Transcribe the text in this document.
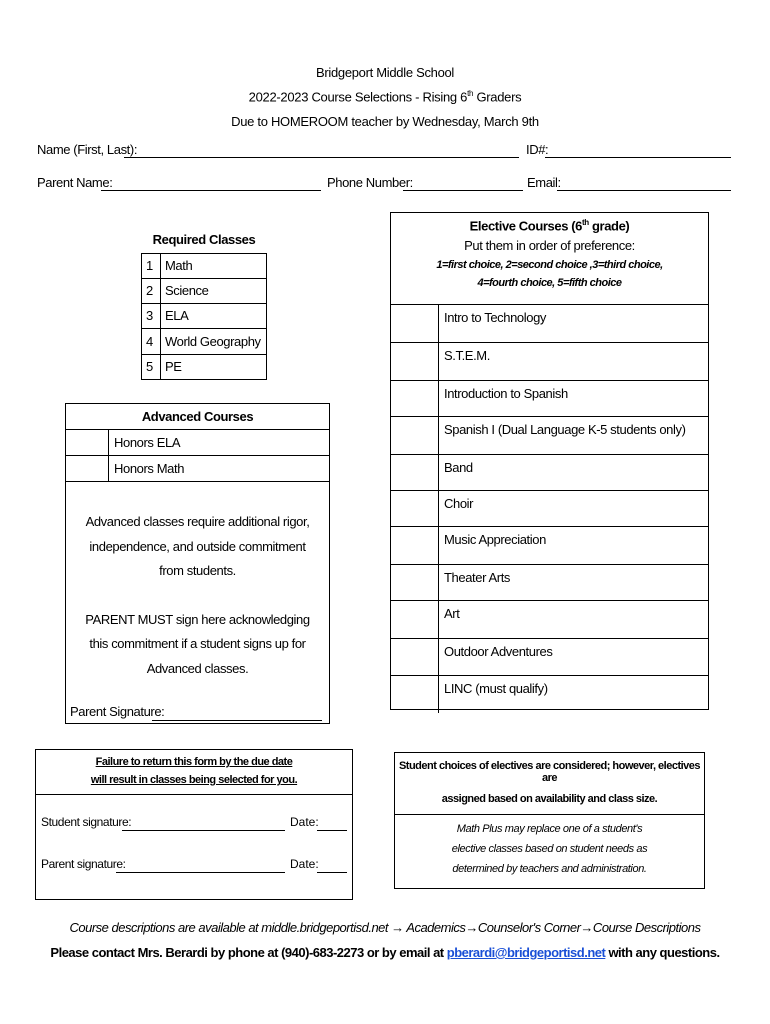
Bridgeport Middle School
2022-2023 Course Selections - Rising 6th Graders
Due to HOMEROOM teacher by Wednesday, March 9th
Name (First, Last):	ID#:
Parent Name:	Phone Number:	Email:
Required Classes	
1	Math
2	Science
3	ELA
4	World Geography
5	PE
Advanced Courses
Honors ELA
Honors Math
Advanced classes require additional rigor, independence, and outside commitment from students.
PARENT MUST sign here acknowledging this commitment if a student signs up for Advanced classes.
Parent Signature:
Elective Courses (6th grade)
Put them in order of preference:
1=first choice, 2=second choice ,3=third choice,
4=fourth choice, 5=fifth choice
Intro to Technology
S.T.E.M.
Introduction to Spanish
Spanish I (Dual Language K-5 students only)
Band
Choir
Music Appreciation
Theater Arts
Art
Outdoor Adventures
LINC (must qualify)
Failure to return this form by the due date
will result in classes being selected for you.
Student signature:	Date:
Parent signature:	Date:
Student choices of electives are considered; however, electives are
assigned based on availability and class size.
Math Plus may replace one of a student's
elective classes based on student needs as
determined by teachers and administration.
Course descriptions are available at middle.bridgeportisd.net → Academics→Counselor's Corner→Course Descriptions
Please contact Mrs. Berardi by phone at (940)-683-2273 or by email at pberardi@bridgeportisd.net with any questions.
